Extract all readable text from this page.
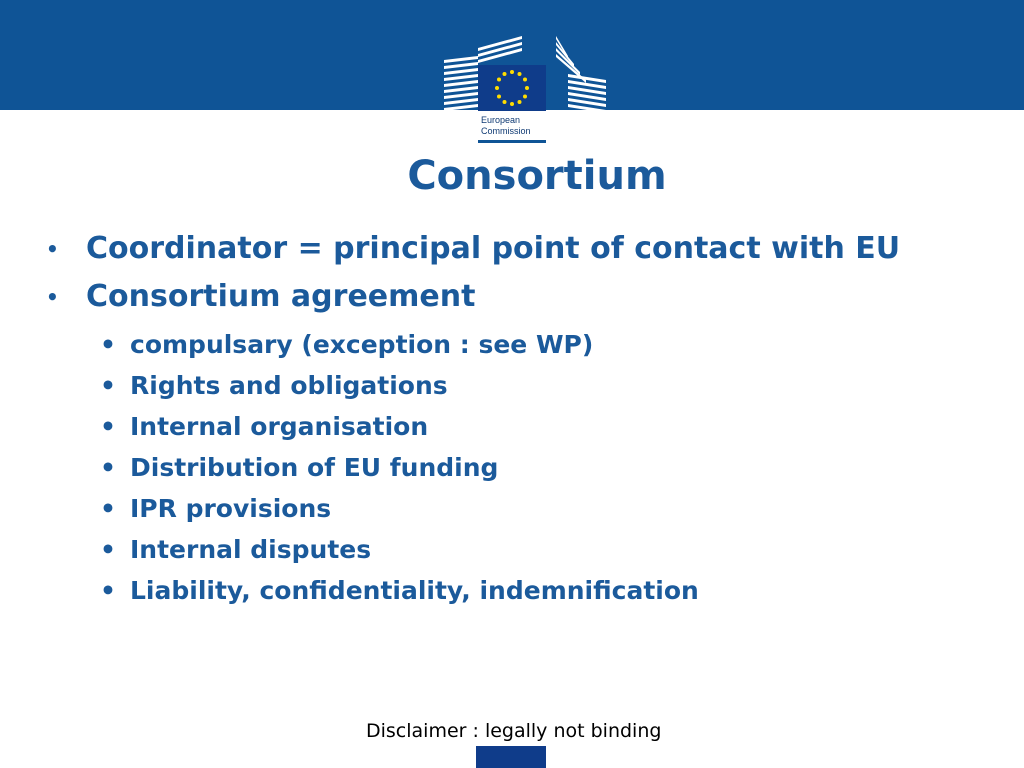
European
Commission
Consortium
• Coordinator = principal point of contact with EU
• Consortium agreement
• compulsary (exception : see WP)
• Rights and obligations
• Internal organisation
• Distribution of EU funding
• IPR provisions
• Internal disputes
• Liability, confidentiality, indemnification
Disclaimer : legally not binding
